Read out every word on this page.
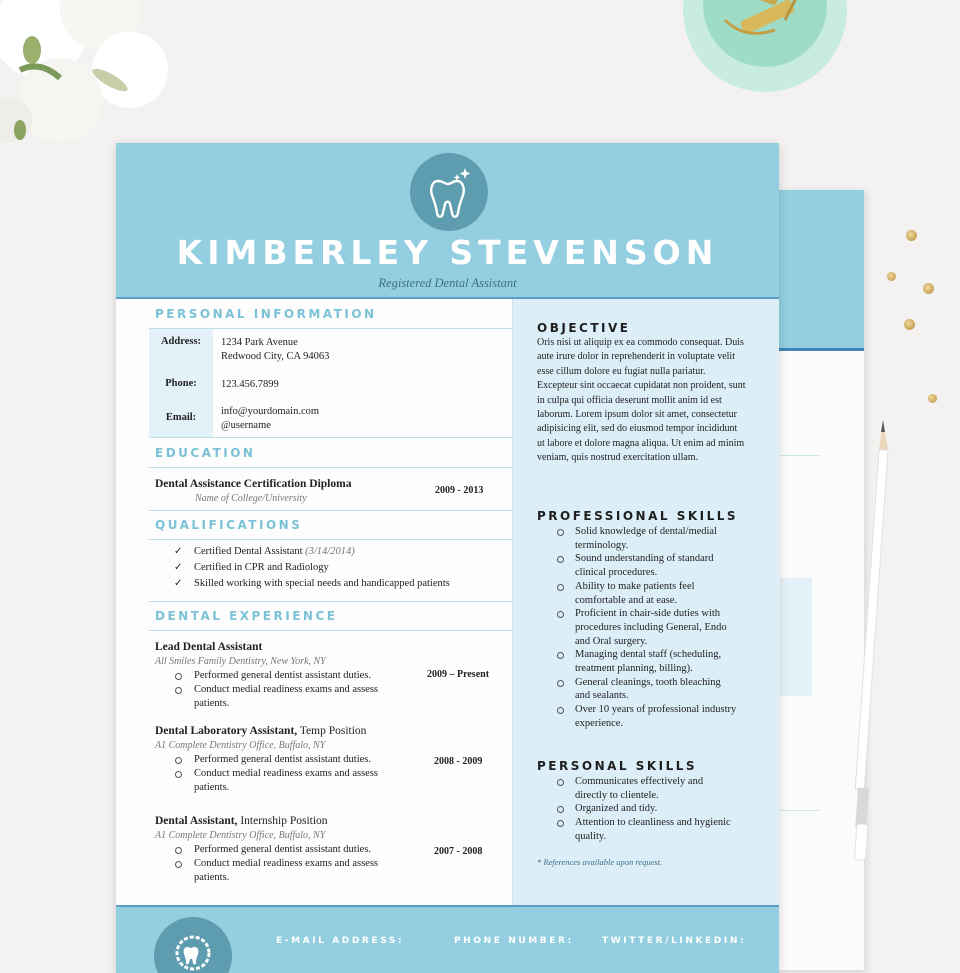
KIMBERLEY STEVENSON
Registered Dental Assistant
PERSONAL INFORMATION
Address:
Phone:
Email:
1234 Park Avenue
Redwood City, CA 94063
123.456.7899
info@yourdomain.com
@username
EDUCATION
Dental Assistance Certification Diploma
Name of College/University
2009 - 2013
QUALIFICATIONS
✓ Certified Dental Assistant (3/14/2014)
✓ Certified in CPR and Radiology
✓ Skilled working with special needs and handicapped patients
DENTAL EXPERIENCE
Lead Dental Assistant
All Smiles Family Dentistry, New York, NY
2009 – Present
Performed general dentist assistant duties.
Conduct medial readiness exams and assess patients.
Dental Laboratory Assistant, Temp Position
A1 Complete Dentistry Office, Buffalo, NY
2008 - 2009
Performed general dentist assistant duties.
Conduct medial readiness exams and assess patients.
Dental Assistant, Internship Position
A1 Complete Dentistry Office, Buffalo, NY
2007 - 2008
Performed general dentist assistant duties.
Conduct medial readiness exams and assess patients.
OBJECTIVE
Oris nisi ut aliquip ex ea commodo consequat. Duis aute irure dolor in reprehenderit in voluptate velit esse cillum dolore eu fugiat nulla pariatur. Excepteur sint occaecat cupidatat non proident, sunt in culpa qui officia deserunt mollit anim id est laborum. Lorem ipsum dolor sit amet, consectetur adipisicing elit, sed do eiusmod tempor incididunt ut labore et dolore magna aliqua. Ut enim ad minim veniam, quis nostrud exercitation ullam.
PROFESSIONAL SKILLS
Solid knowledge of dental/medial terminology.
Sound understanding of standard clinical procedures.
Ability to make patients feel comfortable and at ease.
Proficient in chair-side duties with procedures including General, Endo and Oral surgery.
Managing dental staff (scheduling, treatment planning, billing).
General cleanings, tooth bleaching and sealants.
Over 10 years of professional industry experience.
PERSONAL SKILLS
Communicates effectively and directly to clientele.
Organized and tidy.
Attention to cleanliness and hygienic quality.
* References available upon request.
E-MAIL ADDRESS:	PHONE NUMBER:	TWITTER/LINKEDIN:
